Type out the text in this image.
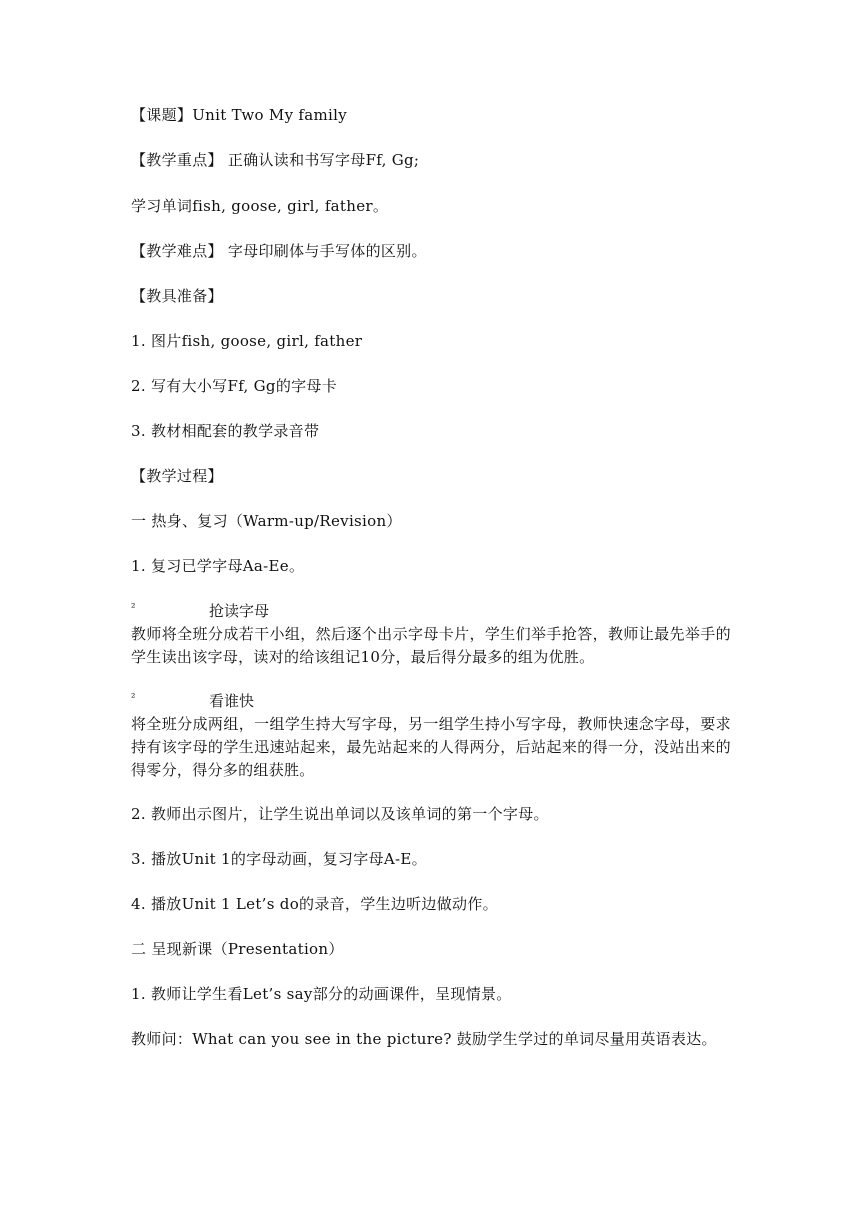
【课题】Unit Two My family
【教学重点】 正确认读和书写字母Ff, Gg;
学习单词fish, goose, girl, father。
【教学难点】 字母印刷体与手写体的区别。
【教具准备】
1. 图片fish, goose, girl, father
2. 写有大小写Ff, Gg的字母卡
3. 教材相配套的教学录音带
【教学过程】
一 热身、复习（Warm-up/Revision）
1. 复习已学字母Aa-Ee。
²	抢读字母
教师将全班分成若干小组，然后逐个出示字母卡片，学生们举手抢答，教师让最先举手的学生读出该字母，读对的给该组记10分，最后得分最多的组为优胜。
²	看谁快
将全班分成两组，一组学生持大写字母，另一组学生持小写字母，教师快速念字母，要求持有该字母的学生迅速站起来，最先站起来的人得两分，后站起来的得一分，没站出来的得零分，得分多的组获胜。
2. 教师出示图片，让学生说出单词以及该单词的第一个字母。
3. 播放Unit 1的字母动画，复习字母A-E。
4. 播放Unit 1 Let’s do的录音，学生边听边做动作。
二 呈现新课（Presentation）
1. 教师让学生看Let’s say部分的动画课件，呈现情景。
教师问：What can you see in the picture? 鼓励学生学过的单词尽量用英语表达。
